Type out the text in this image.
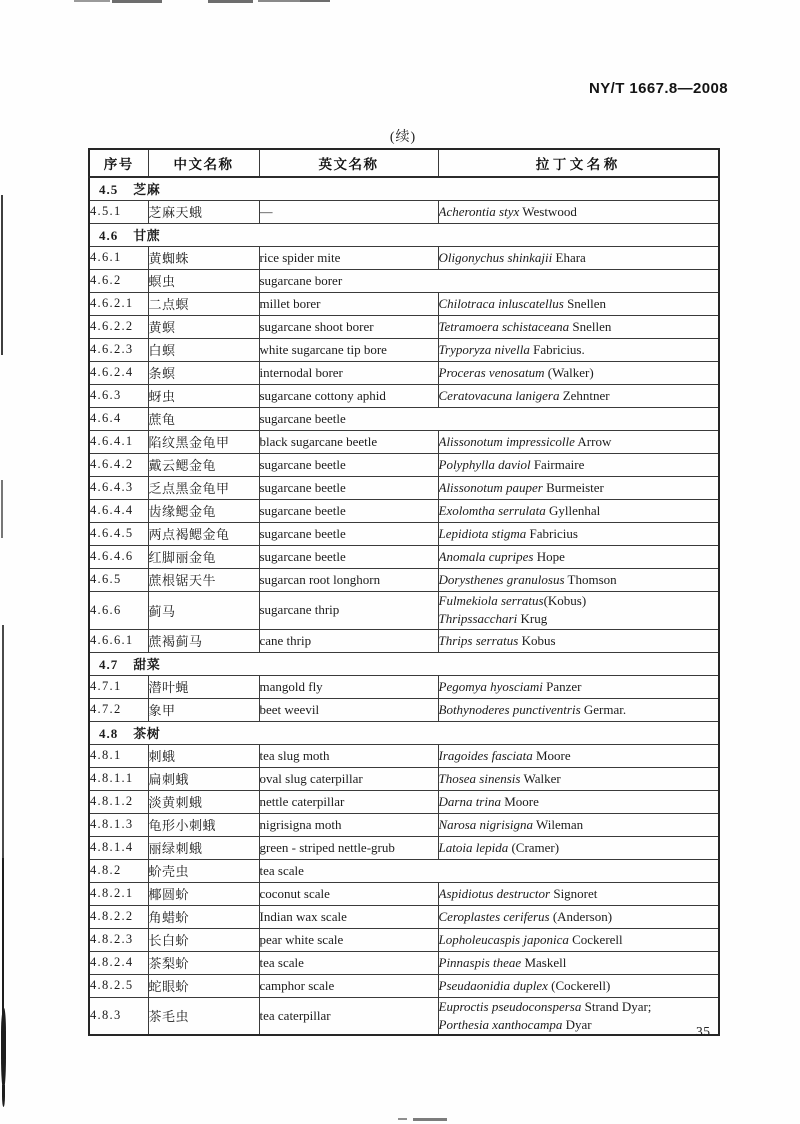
NY/T 1667.8—2008
(续)
序号	中文名称	英文名称	拉丁文名称
4.5 芝麻			
4.5.1	芝麻天蛾	—	Acherontia styx Westwood

4.6 甘蔗			
4.6.1	黄蜘蛛	rice spider mite	Oligonychus shinkajii Ehara

4.6.2	螟虫	sugarcane borer	
4.6.2.1	二点螟	millet borer	Chilotraca inluscatellus Snellen

4.6.2.2	黄螟	sugarcane shoot borer	Tetramoera schistaceana Snellen

4.6.2.3	白螟	white sugarcane tip bore	Tryporyza nivella Fabricius.

4.6.2.4	条螟	internodal borer	Proceras venosatum (Walker)

4.6.3	蚜虫	sugarcane cottony aphid	Ceratovacuna lanigera Zehntner

4.6.4	蔗龟	sugarcane beetle	
4.6.4.1	陷纹黑金龟甲	black sugarcane beetle	Alissonotum impressicolle Arrow

4.6.4.2	戴云鳃金龟	sugarcane beetle	Polyphylla daviol Fairmaire

4.6.4.3	乏点黑金龟甲	sugarcane beetle	Alissonotum pauper Burmeister

4.6.4.4	齿缘鳃金龟	sugarcane beetle	Exolomtha serrulata Gyllenhal

4.6.4.5	两点褐鳃金龟	sugarcane beetle	Lepidiota stigma Fabricius

4.6.4.6	红脚丽金龟	sugarcane beetle	Anomala cupripes Hope

4.6.5	蔗根锯天牛	sugarcan root longhorn	Dorysthenes granulosus Thomson

4.6.6	蓟马	sugarcane thrip	Fulmekiola serratus(Kobus)
Thripssacchari Krug

4.6.6.1	蔗褐蓟马	cane thrip	Thrips serratus Kobus

4.7 甜菜			
4.7.1	潜叶蝇	mangold fly	Pegomya hyosciami Panzer

4.7.2	象甲	beet weevil	Bothynoderes punctiventris Germar.

4.8 茶树			
4.8.1	刺蛾	tea slug moth	Iragoides fasciata Moore

4.8.1.1	扁刺蛾	oval slug caterpillar	Thosea sinensis Walker

4.8.1.2	淡黄刺蛾	nettle caterpillar	Darna trina Moore

4.8.1.3	龟形小刺蛾	nigrisigna moth	Narosa nigrisigna Wileman

4.8.1.4	丽绿刺蛾	green - striped nettle-grub	Latoia lepida (Cramer)

4.8.2	蚧壳虫	tea scale	
4.8.2.1	椰圆蚧	coconut scale	Aspidiotus destructor Signoret

4.8.2.2	角蜡蚧	Indian wax scale	Ceroplastes ceriferus (Anderson)

4.8.2.3	长白蚧	pear white scale	Lopholeucaspis japonica Cockerell

4.8.2.4	茶梨蚧	tea scale	Pinnaspis theae Maskell

4.8.2.5	蛇眼蚧	camphor scale	Pseudaonidia duplex (Cockerell)

4.8.3	茶毛虫	tea caterpillar	Euproctis pseudoconspersa Strand Dyar;
Porthesia xanthocampa Dyar	35
